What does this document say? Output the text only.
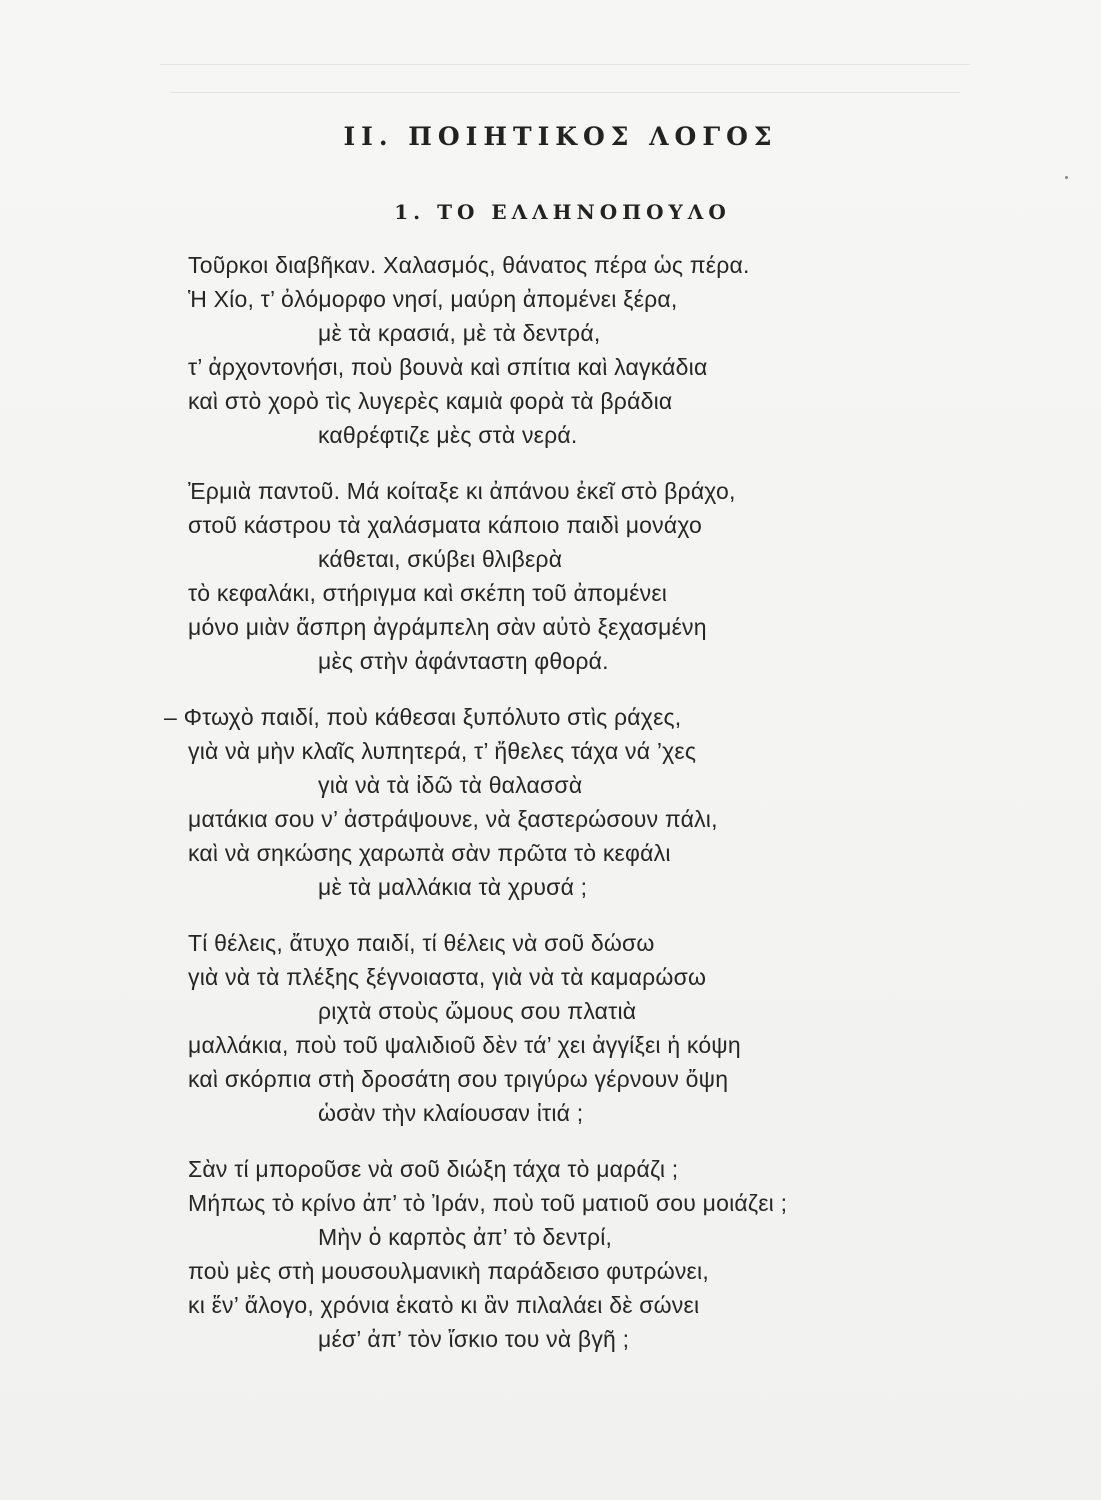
II. ΠΟΙΗΤΙΚΟΣ ΛΟΓΟΣ
1. ΤΟ ΕΛΛΗΝΟΠΟΥΛΟ
Τοῦρκοι διαβῆκαν. Χαλασμός, θάνατος πέρα ὡς πέρα.
Ἡ Χίο, τ’ ὀλόμορφο νησί, μαύρη ἀπομένει ξέρα,
μὲ τὰ κρασιά, μὲ τὰ δεντρά,
τ’ ἀρχοντονήσι, ποὺ βουνὰ καὶ σπίτια καὶ λαγκάδια
καὶ στὸ χορὸ τὶς λυγερὲς καμιὰ φορὰ τὰ βράδια
καθρέφτιζε μὲς στὰ νερά.
Ἐρμιὰ παντοῦ. Μά κοίταξε κι ἀπάνου ἐκεῖ στὸ βράχο,
στοῦ κάστρου τὰ χαλάσματα κάποιο παιδὶ μονάχο
κάθεται, σκύβει θλιβερὰ
τὸ κεφαλάκι, στήριγμα καὶ σκέπη τοῦ ἀπομένει
μόνο μιὰν ἄσπρη ἀγράμπελη σὰν αὐτὸ ξεχασμένη
μὲς στὴν ἀφάνταστη φθορά.
– Φτωχὸ παιδί, ποὺ κάθεσαι ξυπόλυτο στὶς ράχες,
γιὰ νὰ μὴν κλαῖς λυπητερά, τ’ ἤθελες τάχα νά ’χες
γιὰ νὰ τὰ ἰδῶ τὰ θαλασσὰ
ματάκια σου ν’ ἀστράψουνε, νὰ ξαστερώσουν πάλι,
καὶ νὰ σηκώσης χαρωπὰ σὰν πρῶτα τὸ κεφάλι
μὲ τὰ μαλλάκια τὰ χρυσά ;
Τί θέλεις, ἄτυχο παιδί, τί θέλεις νὰ σοῦ δώσω
γιὰ νὰ τὰ πλέξης ξέγνοιαστα, γιὰ νὰ τὰ καμαρώσω
ριχτὰ στοὺς ὤμους σου πλατιὰ
μαλλάκια, ποὺ τοῦ ψαλιδιοῦ δὲν τά’ χει ἀγγίξει ἡ κόψη
καὶ σκόρπια στὴ δροσάτη σου τριγύρω γέρνουν ὄψη
ὡσὰν τὴν κλαίουσαν ἰτιά ;
Σὰν τί μποροῦσε νὰ σοῦ διώξη τάχα τὸ μαράζι ;
Μήπως τὸ κρίνο ἀπ’ τὸ Ἰράν, ποὺ τοῦ ματιοῦ σου μοιάζει ;
Μὴν ὁ καρπὸς ἀπ’ τὸ δεντρί,
ποὺ μὲς στὴ μουσουλμανικὴ παράδεισο φυτρώνει,
κι ἕν’ ἄλογο, χρόνια ἑκατὸ κι ἂν πιλαλάει δὲ σώνει
μέσ’ ἀπ’ τὸν ἴσκιο του νὰ βγῆ ;
